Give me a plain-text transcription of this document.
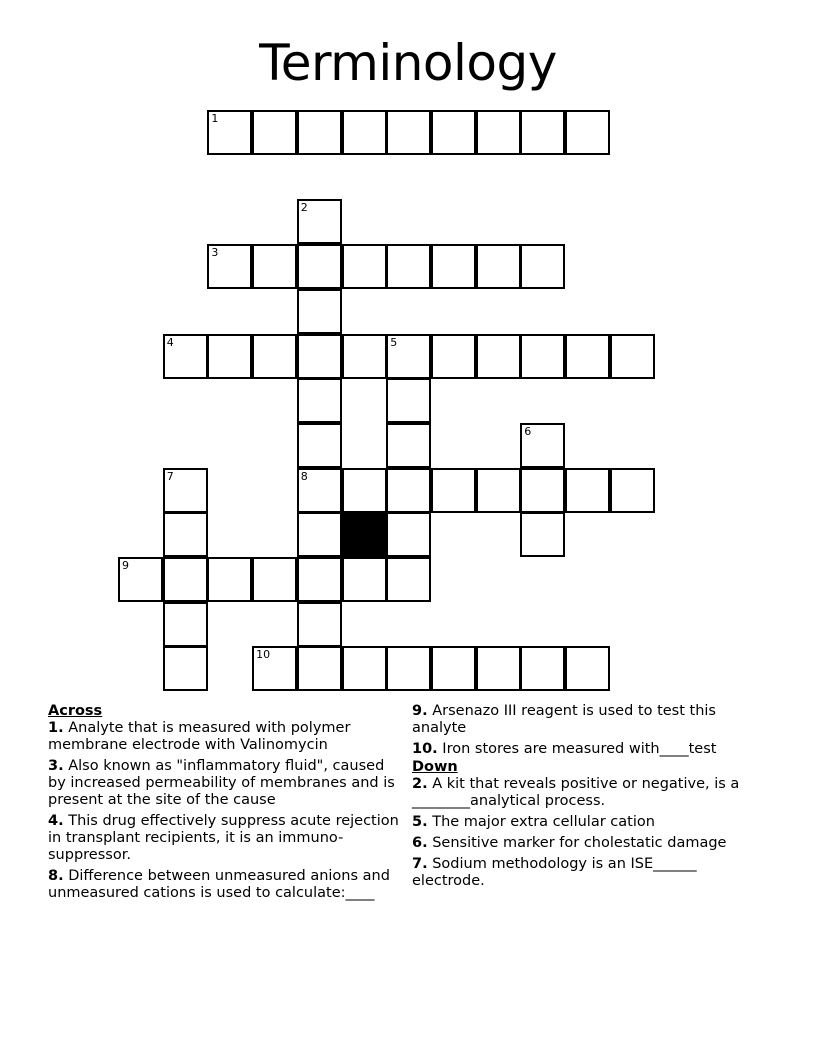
Terminology
1
2
8
3
4	5
6
7
9
10
Across
1. Analyte that is measured with polymer membrane electrode with Valinomycin
3. Also known as "inflammatory fluid", caused by increased permeability of membranes and is present at the site of the cause
4. This drug effectively suppress acute rejection in transplant recipients, it is an immuno-suppressor.
8. Difference between unmeasured anions and unmeasured cations is used to calculate:____
9. Arsenazo III reagent is used to test this analyte
10. Iron stores are measured with____test
Down
2. A kit that reveals positive or negative, is a ________analytical process.
5. The major extra cellular cation
6. Sensitive marker for cholestatic damage
7. Sodium methodology is an ISE______ electrode.
